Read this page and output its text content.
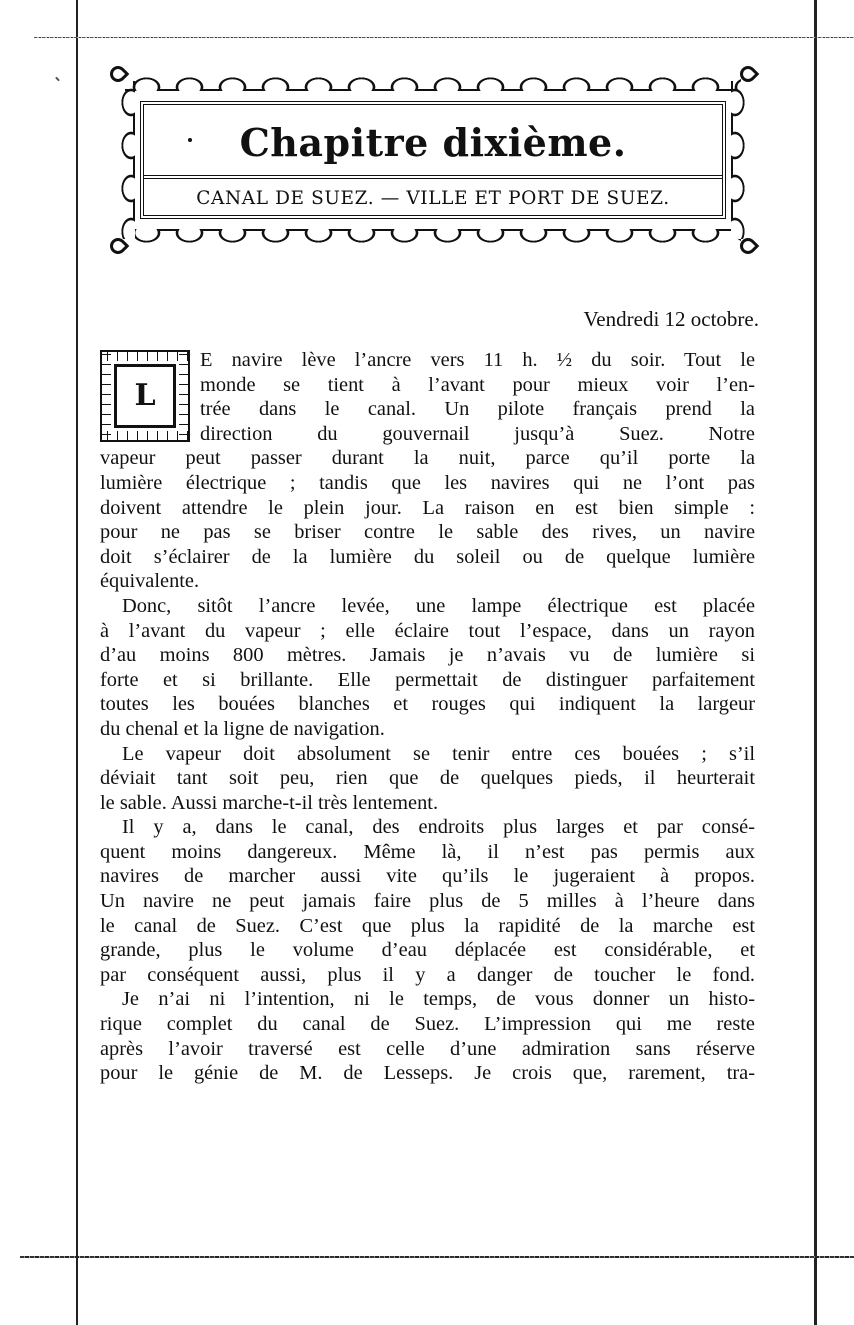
Chapitre dixième.
CANAL DE SUEZ. — VILLE ET PORT DE SUEZ.
Vendredi 12 octobre.
L
E navire lève l’ancre vers 11 h. ½ du soir. Tout le
monde se tient à l’avant pour mieux voir l’en-
trée dans le canal. Un pilote français prend la
direction du gouvernail jusqu’à Suez. Notre
vapeur peut passer durant la nuit, parce qu’il porte la
lumière électrique ; tandis que les navires qui ne l’ont pas
doivent attendre le plein jour. La raison en est bien simple :
pour ne pas se briser contre le sable des rives, un navire
doit s’éclairer de la lumière du soleil ou de quelque lumière
équivalente.
Donc, sitôt l’ancre levée, une lampe électrique est placée
à l’avant du vapeur ; elle éclaire tout l’espace, dans un rayon
d’au moins 800 mètres. Jamais je n’avais vu de lumière si
forte et si brillante. Elle permettait de distinguer parfaitement
toutes les bouées blanches et rouges qui indiquent la largeur
du chenal et la ligne de navigation.
Le vapeur doit absolument se tenir entre ces bouées ; s’il
déviait tant soit peu, rien que de quelques pieds, il heurterait
le sable. Aussi marche-t-il très lentement.
Il y a, dans le canal, des endroits plus larges et par consé-
quent moins dangereux. Même là, il n’est pas permis aux
navires de marcher aussi vite qu’ils le jugeraient à propos.
Un navire ne peut jamais faire plus de 5 milles à l’heure dans
le canal de Suez. C’est que plus la rapidité de la marche est
grande, plus le volume d’eau déplacée est considérable, et
par conséquent aussi, plus il y a danger de toucher le fond.
Je n’ai ni l’intention, ni le temps, de vous donner un histo-
rique complet du canal de Suez. L’impression qui me reste
après l’avoir traversé est celle d’une admiration sans réserve
pour le génie de M. de Lesseps. Je crois que, rarement, tra-
